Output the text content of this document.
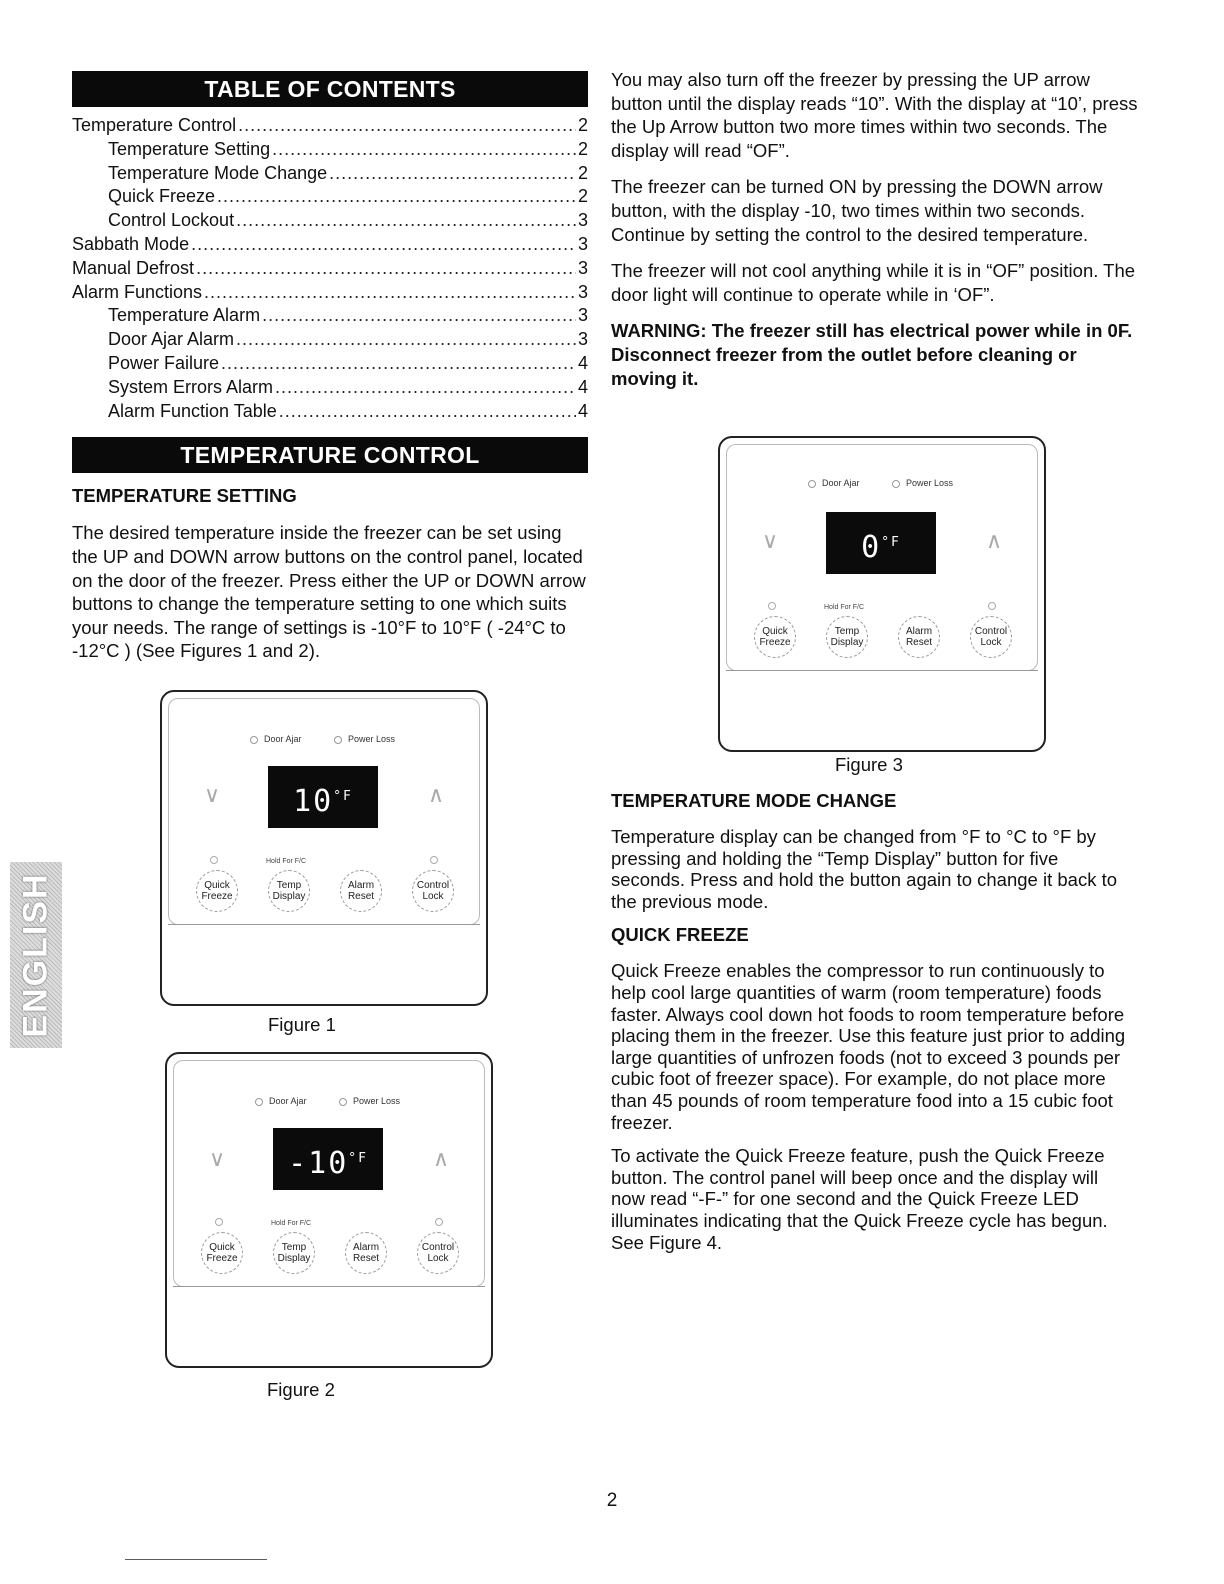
TABLE OF CONTENTS
Temperature Control .....	2
Temperature Setting .....	2
Temperature Mode Change .....	2
Quick Freeze .....	2
Control Lockout .....	3
Sabbath Mode .....	3
Manual Defrost .....	3
Alarm Functions .....	3
Temperature Alarm .....	3
Door Ajar Alarm .....	3
Power Failure .....	4
System Errors Alarm .....	4
Alarm Function Table .....	4
TEMPERATURE CONTROL

TEMPERATURE SETTING

The desired temperature inside the freezer can be set using the UP and DOWN arrow buttons on the control panel, located on the door of the freezer. Press either the UP or DOWN arrow buttons to change the temperature setting to one which suits your needs. The range of settings is -10°F to 10°F ( -24°C to -12°C ) (See Figures 1 and 2).

Door Ajar	Power Loss
∨	$10^{^\circ F}$	∧
Hold For F/C
Quick
Freeze
Temp
Display
Alarm
Reset
Control
Lock
Figure 1
Door Ajar	Power Loss
∨	$-10^{^\circ F}$	∧
Hold For F/C
Quick
Freeze
Temp
Display
Alarm
Reset
Control
Lock
Figure 2

You may also turn off the freezer by pressing the UP arrow button until the display reads “10”. With the display at “10’, press the Up Arrow button two more times within two seconds. The display will read “OF”.

The freezer can be turned ON by pressing the DOWN arrow button, with the display -10, two times within two seconds. Continue by setting the control to the desired temperature.

The freezer will not cool anything while it is in “OF” position. The door light will continue to operate while in ‘OF”.

WARNING: The freezer still has electrical power while in 0F. Disconnect freezer from the outlet before cleaning or moving it.

Door Ajar	Power Loss
∨	$0^{^\circ F}$	∧
Hold For F/C
Quick
Freeze
Temp
Display
Alarm
Reset
Control
Lock
Figure 3

TEMPERATURE MODE CHANGE

Temperature display can be changed from °F to °C to °F by pressing and holding the “Temp Display” button for five seconds. Press and hold the button again to change it back to the previous mode.

QUICK FREEZE

Quick Freeze enables the compressor to run continuously to help cool large quantities of warm (room temperature) foods faster. Always cool down hot foods to room temperature before placing them in the freezer. Use this feature just prior to adding large quantities of unfrozen foods (not to exceed 3 pounds per cubic foot of freezer space). For example, do not place more than 45 pounds of room temperature food into a 15 cubic foot freezer.

To activate the Quick Freeze feature, push the Quick Freeze button. The control panel will beep once and the display will now read “-F-” for one second and the Quick Freeze LED illuminates indicating that the Quick Freeze cycle has begun. See Figure 4.

ENGLISH
2
